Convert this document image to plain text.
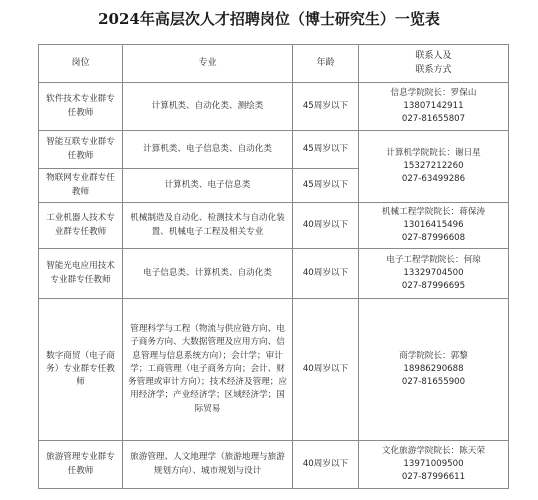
2024年高层次人才招聘岗位（博士研究生）一览表
岗位	专业	年龄	联系人及
联系方式
软件技术专业群专任教师	计算机类、自动化类、测绘类	45周岁以下	信息学院院长：罗保山
13807142911
027-81655807

智能互联专业群专任教师	计算机类、电子信息类、自动化类	45周岁以下	计算机学院院长：谢日星
15327212260
027-63499286

物联网专业群专任教师	计算机类、电子信息类	45周岁以下	
工业机器人技术专业群专任教师	机械制造及自动化、检测技术与自动化装置、机械电子工程及相关专业	40周岁以下	机械工程学院院长：蒋保涛
13016415496
027-87996608

智能光电应用技术专业群专任教师	电子信息类、计算机类、自动化类	40周岁以下	电子工程学院院长：何琼
13329704500
027-87996695

数字商贸（电子商务）专业群专任教师	管理科学与工程（物流与供应链方向、电子商务方向、大数据管理及应用方向、信息管理与信息系统方向）；会计学；审计学；工商管理（电子商务方向；会计、财务管理或审计方向）；技术经济及管理；应用经济学；产业经济学；区域经济学；国际贸易	40周岁以下	商学院院长：郭黎
18986290688
027-81655900

旅游管理专业群专任教师	旅游管理、人文地理学（旅游地理与旅游规划方向）、城市规划与设计	40周岁以下	文化旅游学院院长：陈天荣
13971009500
027-87996611
